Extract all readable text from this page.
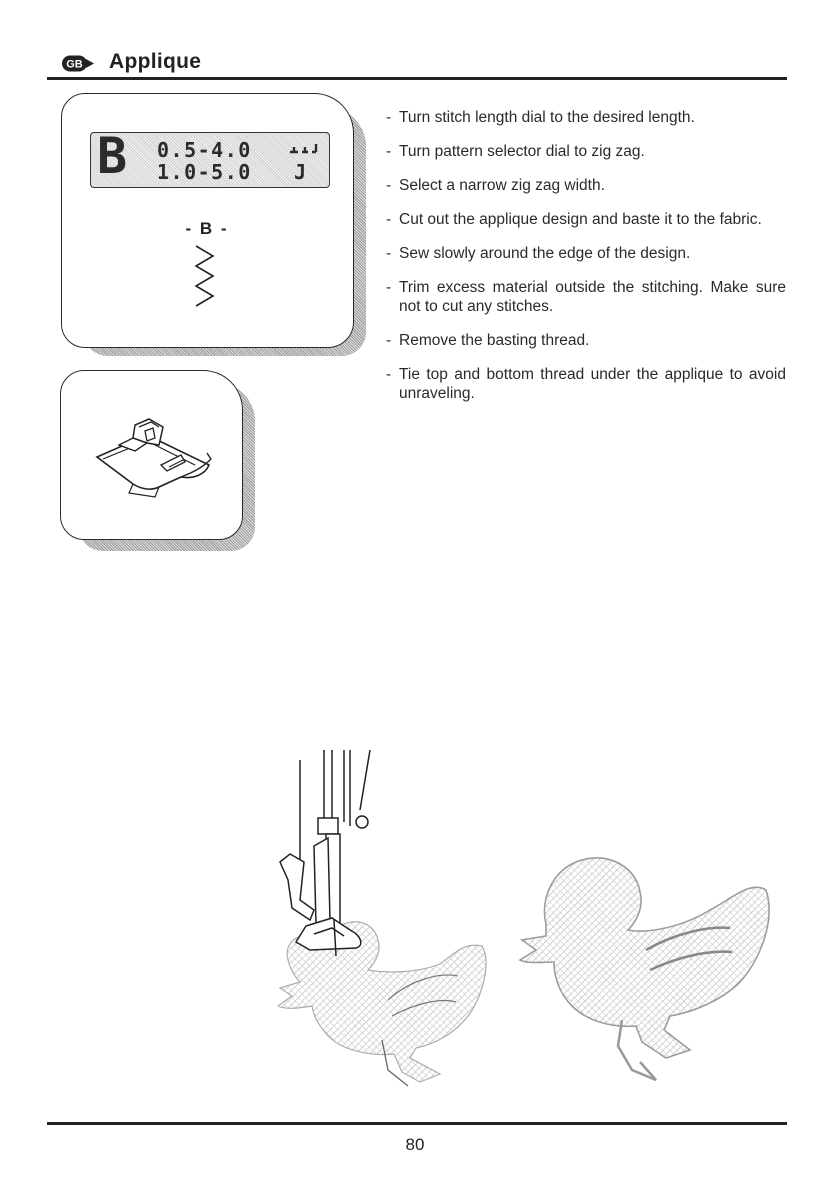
GB Applique
B 0.5-4.0
1.0-5.0 J
- B -
- Turn stitch length dial to the desired length.
- Turn pattern selector dial to zig zag.
- Select a narrow zig zag width.
- Cut out the applique design and baste it to the fabric.
- Sew slowly around the edge of the design.
- Trim excess material outside the stitching. Make sure not to cut any stitches.
- Remove the basting thread.
- Tie top and bottom thread under the applique to avoid unraveling.
80
